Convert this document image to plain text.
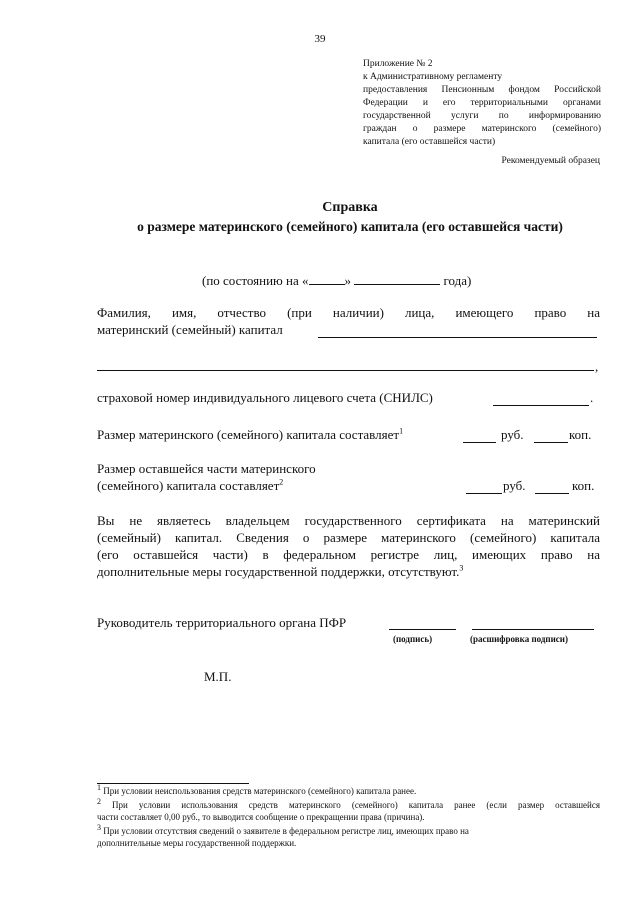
39
Приложение № 2
к Административному регламенту
предоставления Пенсионным фондом Российской
Федерации и его территориальными органами
государственной услуги по информированию
граждан о размере материнского (семейного)
капитала (его оставшейся части)
Рекомендуемый образец
Справка
о размере материнского (семейного) капитала (его оставшейся части)
(по состоянию на «	»	года)
Фамилия, имя, отчество (при наличии) лица, имеющего право на
материнский (семейный) капитал
,
страховой номер индивидуального лицевого счета (СНИЛС)	.
Размер материнского (семейного) капитала составляет$^1$	руб.	коп.
Размер оставшейся части материнского
(семейного) капитала составляет$^2$	руб.	коп.
Вы не являетесь владельцем государственного сертификата на материнский
(семейный) капитал. Сведения о размере материнского (семейного) капитала
(его оставшейся части) в федеральном регистре лиц, имеющих право на
дополнительные меры государственной поддержки, отсутствуют.$^3$
Руководитель территориального органа ПФР
(подпись)	(расшифровка подписи)
М.П.
1 При условии неиспользования средств материнского (семейного) капитала ранее.
2 При условии использования средств материнского (семейного) капитала ранее (если размер оставшейся
части составляет 0,00 руб., то выводится сообщение о прекращении права (причина).
3 При условии отсутствия сведений о заявителе в федеральном регистре лиц, имеющих право на
дополнительные меры государственной поддержки.
